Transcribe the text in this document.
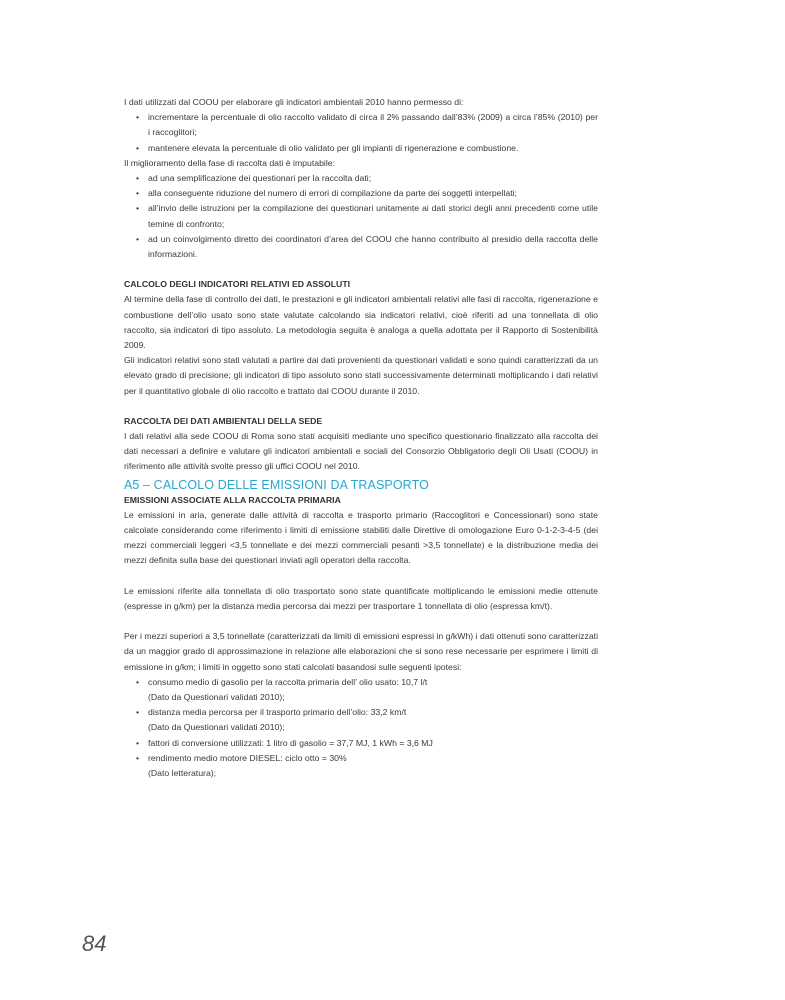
I dati utilizzati dal COOU per elaborare gli indicatori ambientali 2010 hanno permesso di:

• incrementare la percentuale di olio raccolto validato di circa il 2% passando dall’83% (2009) a circa l’85% (2010) per i raccoglitori;
• mantenere elevata la percentuale di olio validato per gli impianti di rigenerazione e combustione.

Il miglioramento della fase di raccolta dati è imputabile:

• ad una semplificazione dei questionari per la raccolta dati;
• alla conseguente riduzione del numero di errori di compilazione da parte dei soggetti interpellati;
• all’invio delle istruzioni per la compilazione dei questionari unitamente ai dati storici degli anni precedenti come utile temine di confronto;
• ad un coinvolgimento diretto dei coordinatori d’area del COOU che hanno contribuito al presidio della raccolta delle informazioni.

CALCOLO DEGLI INDICATORI RELATIVI ED ASSOLUTI

Al termine della fase di controllo dei dati, le prestazioni e gli indicatori ambientali relativi alle fasi di raccolta, rigenerazione e combustione dell’olio usato sono state valutate calcolando sia indicatori relativi, cioè riferiti ad una tonnellata di olio raccolto, sia indicatori di tipo assoluto. La metodologia seguita è analoga a quella adottata per il Rapporto di Sostenibilità 2009.

Gli indicatori relativi sono stati valutati a partire dai dati provenienti da questionari validati e sono quindi caratterizzati da un elevato grado di precisione; gli indicatori di tipo assoluto sono stati successivamente determinati moltiplicando i dati relativi per il quantitativo globale di olio raccolto e trattato dal COOU durante il 2010.

RACCOLTA DEI DATI AMBIENTALI DELLA SEDE

I dati relativi alla sede COOU di Roma sono stati acquisiti mediante uno specifico questionario finalizzato alla raccolta dei dati necessari a definire e valutare gli indicatori ambientali e sociali del Consorzio Obbligatorio degli Oli Usati (COOU) in riferimento alle attività svolte presso gli uffici COOU nel 2010.

A5 – CALCOLO DELLE EMISSIONI DA TRASPORTO

EMISSIONI ASSOCIATE ALLA RACCOLTA PRIMARIA

Le emissioni in aria, generate dalle attività di raccolta e trasporto primario (Raccoglitori e Concessionari) sono state calcolate considerando come riferimento i limiti di emissione stabiliti dalle Direttive di omologazione Euro 0-1-2-3-4-5 (dei mezzi commerciali leggeri <3,5 tonnellate e dei mezzi commerciali pesanti >3,5 tonnellate) e la distribuzione media dei mezzi definita sulla base dei questionari inviati agli operatori della raccolta.

Le emissioni riferite alla tonnellata di olio trasportato sono state quantificate moltiplicando le emissioni medie ottenute (espresse in g/km) per la distanza media percorsa dai mezzi per trasportare 1 tonnellata di olio (espressa km/t).

Per i mezzi superiori a 3,5 tonnellate (caratterizzati da limiti di emissioni espressi in g/kWh) i dati ottenuti sono caratterizzati da un maggior grado di approssimazione in relazione alle elaborazioni che si sono rese necessarie per esprimere i limiti di emissione in g/km; i limiti in oggetto sono stati calcolati basandosi sulle seguenti ipotesi:

• consumo medio di gasolio per la raccolta primaria dell’ olio usato: 10,7 l/t
(Dato da Questionari validati 2010);
• distanza media percorsa per il trasporto primario dell’olio: 33,2 km/t
(Dato da Questionari validati 2010);
• fattori di conversione utilizzati: 1 litro di gasolio = 37,7 MJ, 1 kWh = 3,6 MJ
• rendimento medio motore DIESEL: ciclo otto = 30%
(Dato letteratura);
84
